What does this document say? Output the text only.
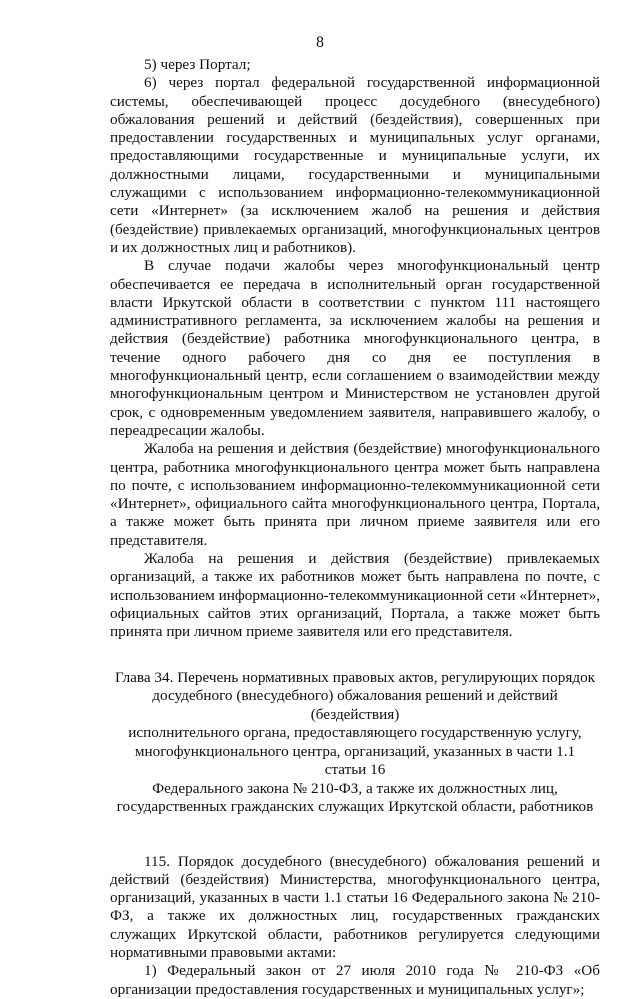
8

5) через Портал;

6) через портал федеральной государственной информационной системы, обеспечивающей процесс досудебного (внесудебного) обжалования решений и действий (бездействия), совершенных при предоставлении государственных и муниципальных услуг органами, предоставляющими государственные и муниципальные услуги, их должностными лицами, государственными и муниципальными служащими с использованием информационно-телекоммуникационной сети «Интернет» (за исключением жалоб на решения и действия (бездействие) привлекаемых организаций, многофункциональных центров и их должностных лиц и работников).

В случае подачи жалобы через многофункциональный центр обеспечивается ее передача в исполнительный орган государственной власти Иркутской области в соответствии с пунктом 111 настоящего административного регламента, за исключением жалобы на решения и действия (бездействие) работника многофункционального центра, в течение одного рабочего дня со дня ее поступления в многофункциональный центр, если соглашением о взаимодействии между многофункциональным центром и Министерством не установлен другой срок, с одновременным уведомлением заявителя, направившего жалобу, о переадресации жалобы.

Жалоба на решения и действия (бездействие) многофункционального центра, работника многофункционального центра может быть направлена по почте, с использованием информационно-телекоммуникационной сети «Интернет», официального сайта многофункционального центра, Портала, а также может быть принята при личном приеме заявителя или его представителя.

Жалоба на решения и действия (бездействие) привлекаемых организаций, а также их работников может быть направлена по почте, с использованием информационно-телекоммуникационной сети «Интернет», официальных сайтов этих организаций, Портала, а также может быть принята при личном приеме заявителя или его представителя.

Глава 34. Перечень нормативных правовых актов, регулирующих порядок
досудебного (внесудебного) обжалования решений и действий (бездействия)
исполнительного органа, предоставляющего государственную услугу,
многофункционального центра, организаций, указанных в части 1.1 статьи 16
Федерального закона № 210-ФЗ, а также их должностных лиц,
государственных гражданских служащих Иркутской области, работников

115. Порядок досудебного (внесудебного) обжалования решений и действий (бездействия) Министерства, многофункционального центра, организаций, указанных в части 1.1 статьи 16 Федерального закона № 210-ФЗ, а также их должностных лиц, государственных гражданских служащих Иркутской области, работников регулируется следующими нормативными правовыми актами:

1) Федеральный закон от 27 июля 2010 года № 210-ФЗ «Об организации предоставления государственных и муниципальных услуг»;
